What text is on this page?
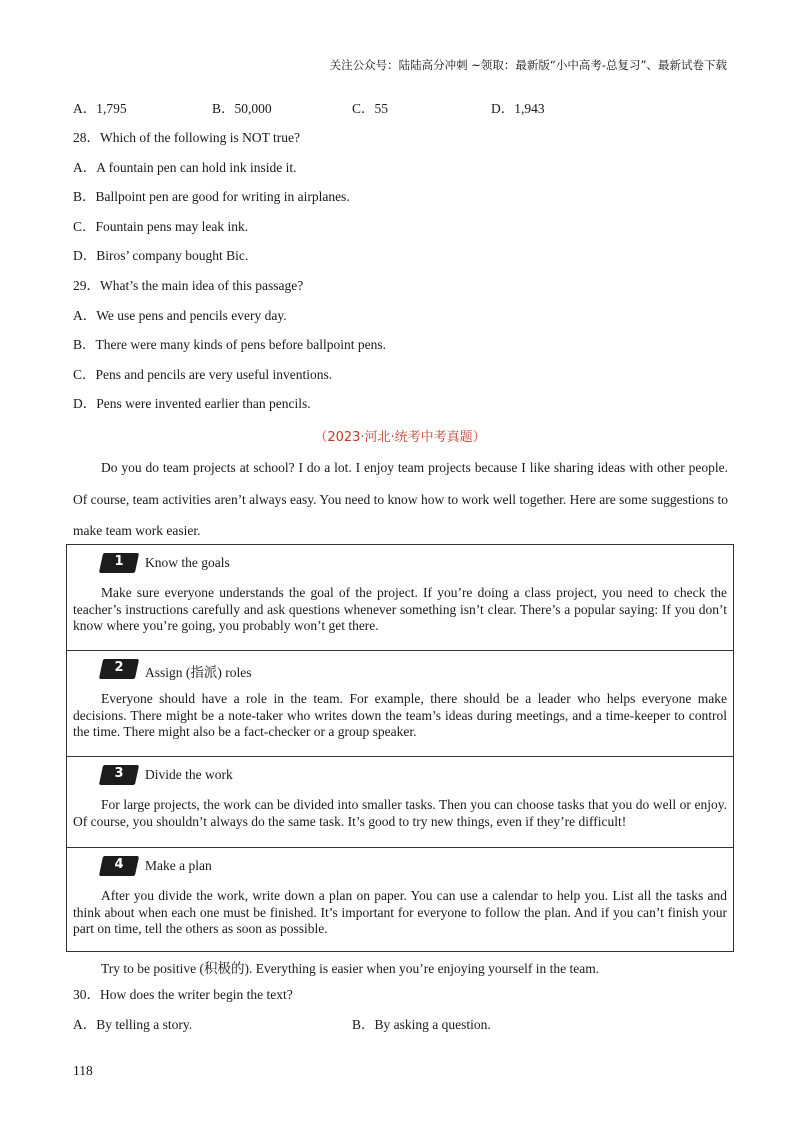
关注公众号：陆陆高分冲刺 ~领取：最新版“小中高考-总复习”、最新试卷下载
A．1,795	B．50,000	C．55	D．1,943
28．Which of the following is NOT true?
A．A fountain pen can hold ink inside it.
B．Ballpoint pen are good for writing in airplanes.
C．Fountain pens may leak ink.
D．Biros’ company bought Bic.
29．What’s the main idea of this passage?
A．We use pens and pencils every day.
B．There were many kinds of pens before ballpoint pens.
C．Pens and pencils are very useful inventions.
D．Pens were invented earlier than pencils.
（2023·河北·统考中考真题）

Do you do team projects at school? I do a lot. I enjoy team projects because I like sharing ideas with other people. Of course, team activities aren’t always easy. You need to know how to work well together. Here are some suggestions to make team work easier.

1	Know the goals

Make sure everyone understands the goal of the project. If you’re doing a class project, you need to check the teacher’s instructions carefully and ask questions whenever something isn’t clear. There’s a popular saying: If you don’t know where you’re going, you probably won’t get there.

2	Assign (指派) roles

Everyone should have a role in the team. For example, there should be a leader who helps everyone make decisions. There might be a note-taker who writes down the team’s ideas during meetings, and a time-keeper to control the time. There might also be a fact-checker or a group speaker.

3	Divide the work

For large projects, the work can be divided into smaller tasks. Then you can choose tasks that you do well or enjoy. Of course, you shouldn’t always do the same task. It’s good to try new things, even if they’re difficult!

4	Make a plan

After you divide the work, write down a plan on paper. You can use a calendar to help you. List all the tasks and think about when each one must be finished. It’s important for everyone to follow the plan. And if you can’t finish your part on time, tell the others as soon as possible.

Try to be positive (积极的). Everything is easier when you’re enjoying yourself in the team.
30．How does the writer begin the text?
A．By telling a story.	B．By asking a question.
118
